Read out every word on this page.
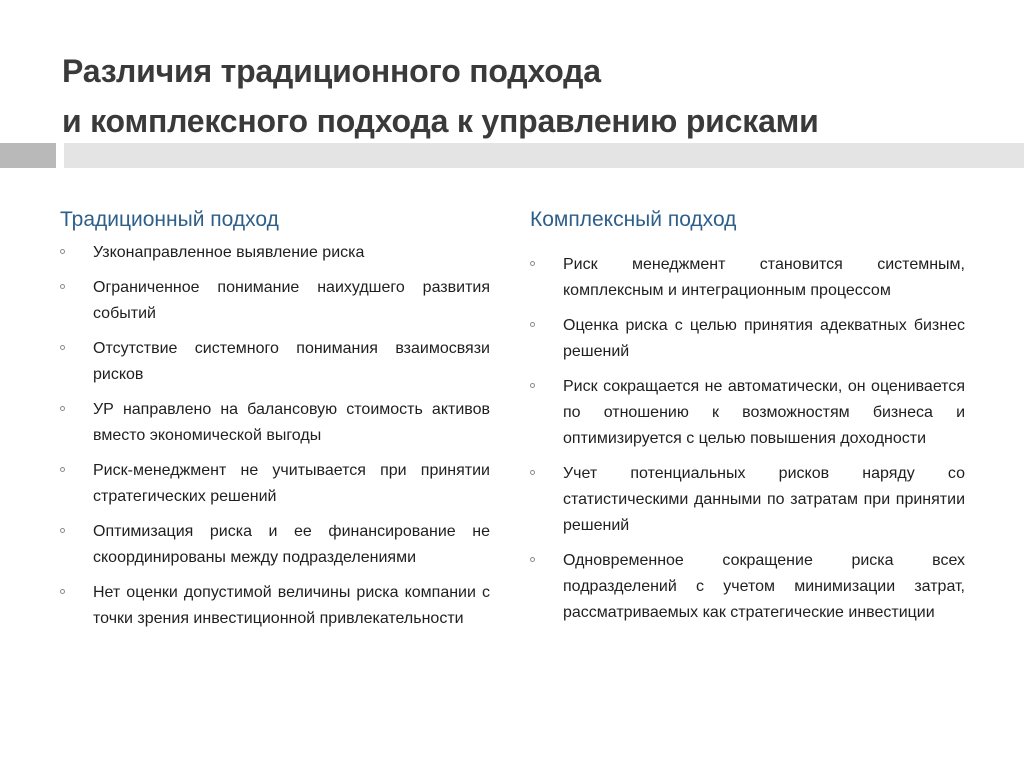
Различия традиционного подхода
и комплексного подхода к управлению рисками
Традиционный подход
Узконаправленное выявление риска
Ограниченное понимание наихудшего развития событий
Отсутствие системного понимания взаимосвязи рисков
УР направлено на балансовую стоимость активов вместо экономической выгоды
Риск-менеджмент не учитывается при принятии стратегических решений
Оптимизация риска и ее финансирование не скоординированы между подразделениями
Нет оценки допустимой величины риска компании с точки зрения инвестиционной привлекательности
Комплексный подход
Риск менеджмент становится системным, комплексным и интеграционным процессом
Оценка риска с целью принятия адекватных бизнес решений
Риск сокращается не автоматически, он оценивается по отношению к возможностям бизнеса и оптимизируется с целью повышения доходности
Учет потенциальных рисков наряду со статистическими данными по затратам при принятии решений
Одновременное сокращение риска всех подразделений с учетом минимизации затрат, рассматриваемых как стратегические инвестиции
